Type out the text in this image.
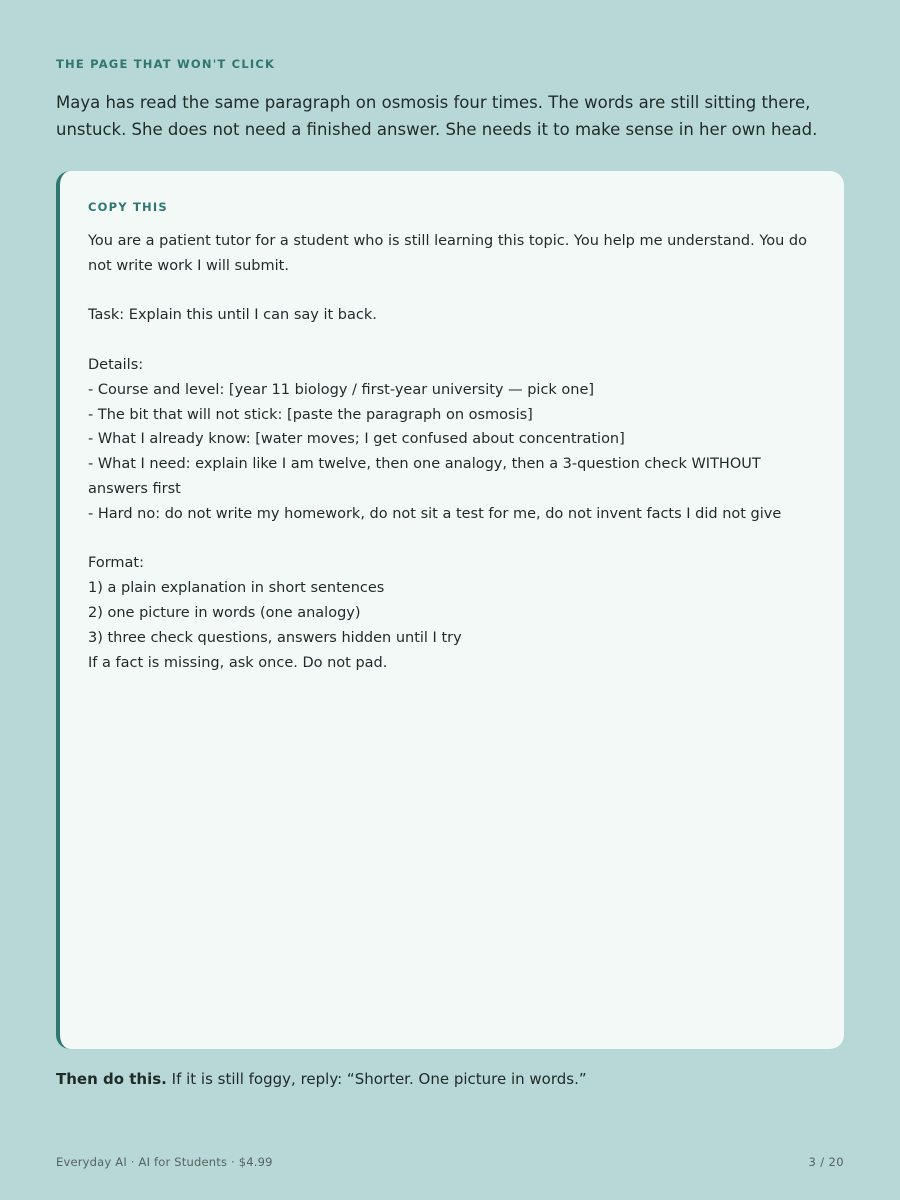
THE PAGE THAT WON'T CLICK

Maya has read the same paragraph on osmosis four times. The words are still sitting there, unstuck. She does not need a finished answer. She needs it to make sense in her own head.

COPY THIS

You are a patient tutor for a student who is still learning this topic. You help me understand. You do not write work I will submit.

Task: Explain this until I can say it back.

Details:

- Course and level: [year 11 biology / first-year university — pick one]

- The bit that will not stick: [paste the paragraph on osmosis]

- What I already know: [water moves; I get confused about concentration]

- What I need: explain like I am twelve, then one analogy, then a 3-question check WITHOUT answers first

- Hard no: do not write my homework, do not sit a test for me, do not invent facts I did not give

Format:

1) a plain explanation in short sentences

2) one picture in words (one analogy)

3) three check questions, answers hidden until I try

If a fact is missing, ask once. Do not pad.

Then do this. If it is still foggy, reply: “Shorter. One picture in words.”
Everyday AI · AI for Students · $4.99	3 / 20
